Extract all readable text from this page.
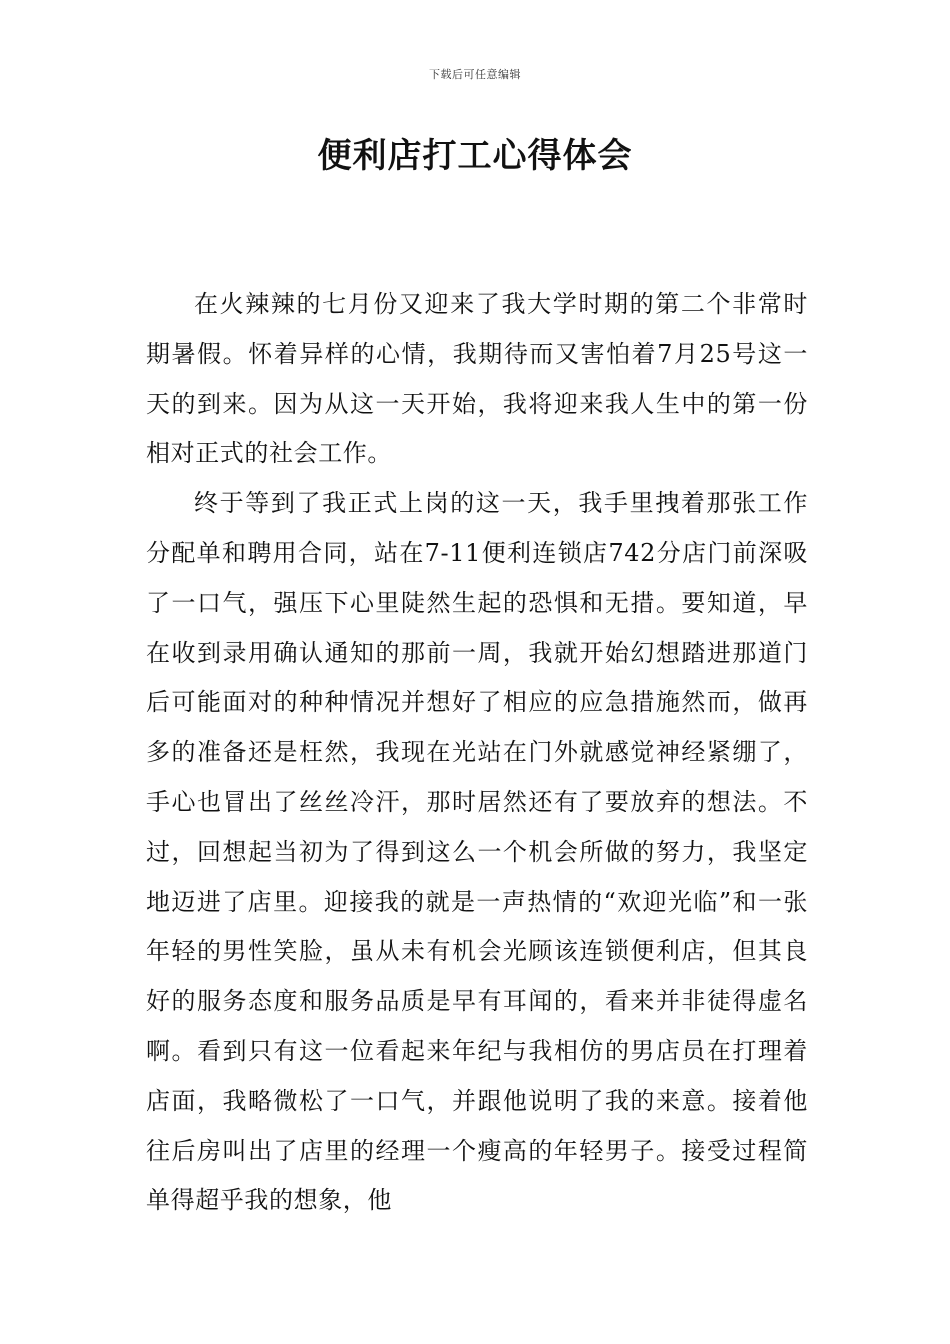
下载后可任意编辑
便利店打工心得体会

在火辣辣的七月份又迎来了我大学时期的第二个非常时期暑假。怀着异样的心情，我期待而又害怕着7月25号这一天的到来。因为从这一天开始，我将迎来我人生中的第一份相对正式的社会工作。

终于等到了我正式上岗的这一天，我手里拽着那张工作分配单和聘用合同，站在7-11便利连锁店742分店门前深吸了一口气，强压下心里陡然生起的恐惧和无措。要知道，早在收到录用确认通知的那前一周，我就开始幻想踏进那道门后可能面对的种种情况并想好了相应的应急措施然而，做再多的准备还是枉然，我现在光站在门外就感觉神经紧绷了，手心也冒出了丝丝冷汗，那时居然还有了要放弃的想法。不过，回想起当初为了得到这么一个机会所做的努力，我坚定地迈进了店里。迎接我的就是一声热情的“欢迎光临”和一张年轻的男性笑脸，虽从未有机会光顾该连锁便利店，但其良好的服务态度和服务品质是早有耳闻的，看来并非徒得虚名啊。看到只有这一位看起来年纪与我相仿的男店员在打理着店面，我略微松了一口气，并跟他说明了我的来意。接着他往后房叫出了店里的经理一个瘦高的年轻男子。接受过程简单得超乎我的想象，他
